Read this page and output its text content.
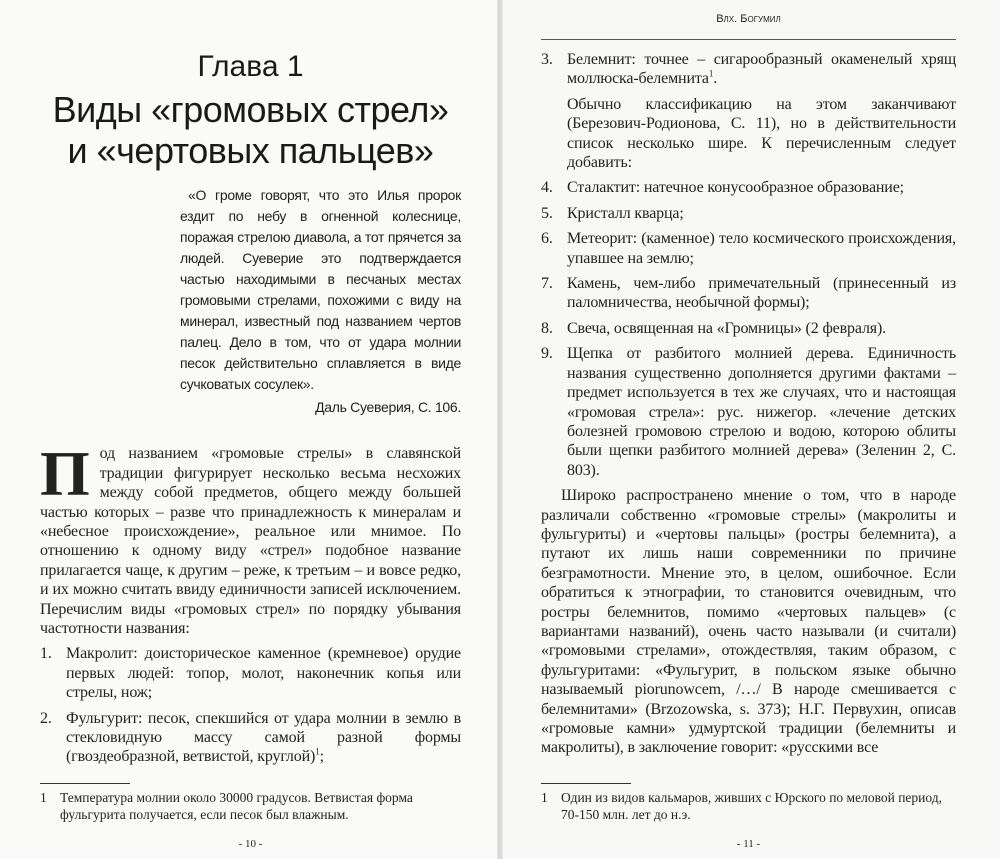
Глава 1
Виды «громовых стрел»
и «чертовых пальцев»
«О громе говорят, что это Илья пророк ездит по небу в огненной колеснице, поражая стрелою диавола, а тот прячется за людей. Суеверие это подтверждается частью находимыми в песчаных местах громовыми стрелами, похожими с виду на минерал, известный под названием чертов палец. Дело в том, что от удара молнии песок действительно сплавляется в виде сучковатых сосулек».
Даль Суеверия, С. 106.

Под названием «громовые стрелы» в славянской традиции фигурирует несколько весьма несхожих между собой предметов, общего между большей частью которых – разве что принадлежность к минералам и «небесное происхождение», реальное или мнимое. По отношению к одному виду «стрел» подобное название прилагается чаще, к другим – реже, к третьим – и вовсе редко, и их можно считать ввиду единичности записей исключением. Перечислим виды «громовых стрел» по порядку убывания частотности названия:

1. Макролит: доисторическое каменное (кремневое) орудие первых людей: топор, молот, наконечник копья или стрелы, нож;
2. Фульгурит: песок, спекшийся от удара молнии в землю в стекловидную массу самой разной формы (гвоздеобразной, ветвистой, круглой)$^1$;
1 Температура молнии около 30000 градусов. Ветвистая форма фульгурита получается, если песок был влажным.
- 10 -
Влх. Богумил
3. Белемнит: точнее – сигарообразный окаменелый хрящ моллюска-белемнита$^1$.

Обычно классификацию на этом заканчивают (Березович-Родионова, С. 11), но в действительности список несколько шире. К перечисленным следует добавить:

4. Сталактит: натечное конусообразное образование;
5. Кристалл кварца;
6. Метеорит: (каменное) тело космического происхождения, упавшее на землю;
7. Камень, чем-либо примечательный (принесенный из паломничества, необычной формы);
8. Свеча, освященная на «Громницы» (2 февраля).
9. Щепка от разбитого молнией дерева. Единичность названия существенно дополняется другими фактами – предмет используется в тех же случаях, что и настоящая «громовая стрела»: рус. нижегор. «лечение детских болезней громовою стрелою и водою, которою облиты были щепки разбитого молнией дерева» (Зеленин 2, С. 803).

Широко распространено мнение о том, что в народе различали собственно «громовые стрелы» (макролиты и фульгуриты) и «чертовы пальцы» (ростры белемнита), а путают их лишь наши современники по причине безграмотности. Мнение это, в целом, ошибочное. Если обратиться к этнографии, то становится очевидным, что ростры белемнитов, помимо «чертовых пальцев» (с вариантами названий), очень часто называли (и считали) «громовыми стрелами», отождествляя, таким образом, с фульгуритами: «Фульгурит, в польском языке обычно называемый piorunowcem, /…/ В народе смешивается с белемнитами» (Brzozowska, s. 373); Н.Г. Первухин, описав «громовые камни» удмуртской традиции (белемниты и макролиты), в заключение говорит: «русскими все

1 Один из видов кальмаров, живших с Юрского по меловой период, 70-150 млн. лет до н.э.
- 11 -
